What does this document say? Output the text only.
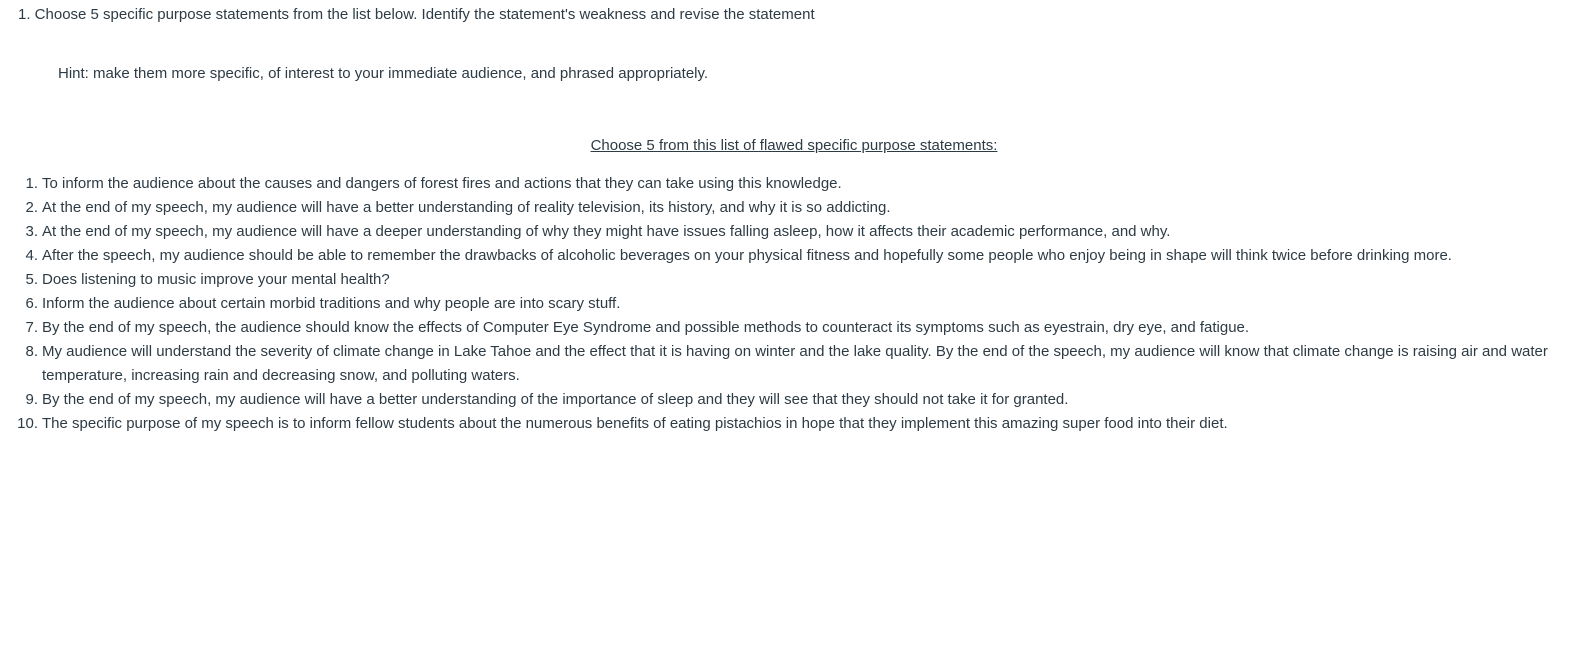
1. Choose 5 specific purpose statements from the list below. Identify the statement's weakness and revise the statement

Hint: make them more specific, of interest to your immediate audience, and phrased appropriately.

Choose 5 from this list of flawed specific purpose statements:

1. To inform the audience about the causes and dangers of forest fires and actions that they can take using this knowledge.
2. At the end of my speech, my audience will have a better understanding of reality television, its history, and why it is so addicting.
3. At the end of my speech, my audience will have a deeper understanding of why they might have issues falling asleep, how it affects their academic performance, and why.
4. After the speech, my audience should be able to remember the drawbacks of alcoholic beverages on your physical fitness and hopefully some people who enjoy being in shape will think twice before drinking more.
5. Does listening to music improve your mental health?
6. Inform the audience about certain morbid traditions and why people are into scary stuff.
7. By the end of my speech, the audience should know the effects of Computer Eye Syndrome and possible methods to counteract its symptoms such as eyestrain, dry eye, and fatigue.
8. My audience will understand the severity of climate change in Lake Tahoe and the effect that it is having on winter and the lake quality. By the end of the speech, my audience will know that climate change is raising air and water temperature, increasing rain and decreasing snow, and polluting waters.
9. By the end of my speech, my audience will have a better understanding of the importance of sleep and they will see that they should not take it for granted.
10. The specific purpose of my speech is to inform fellow students about the numerous benefits of eating pistachios in hope that they implement this amazing super food into their diet.
